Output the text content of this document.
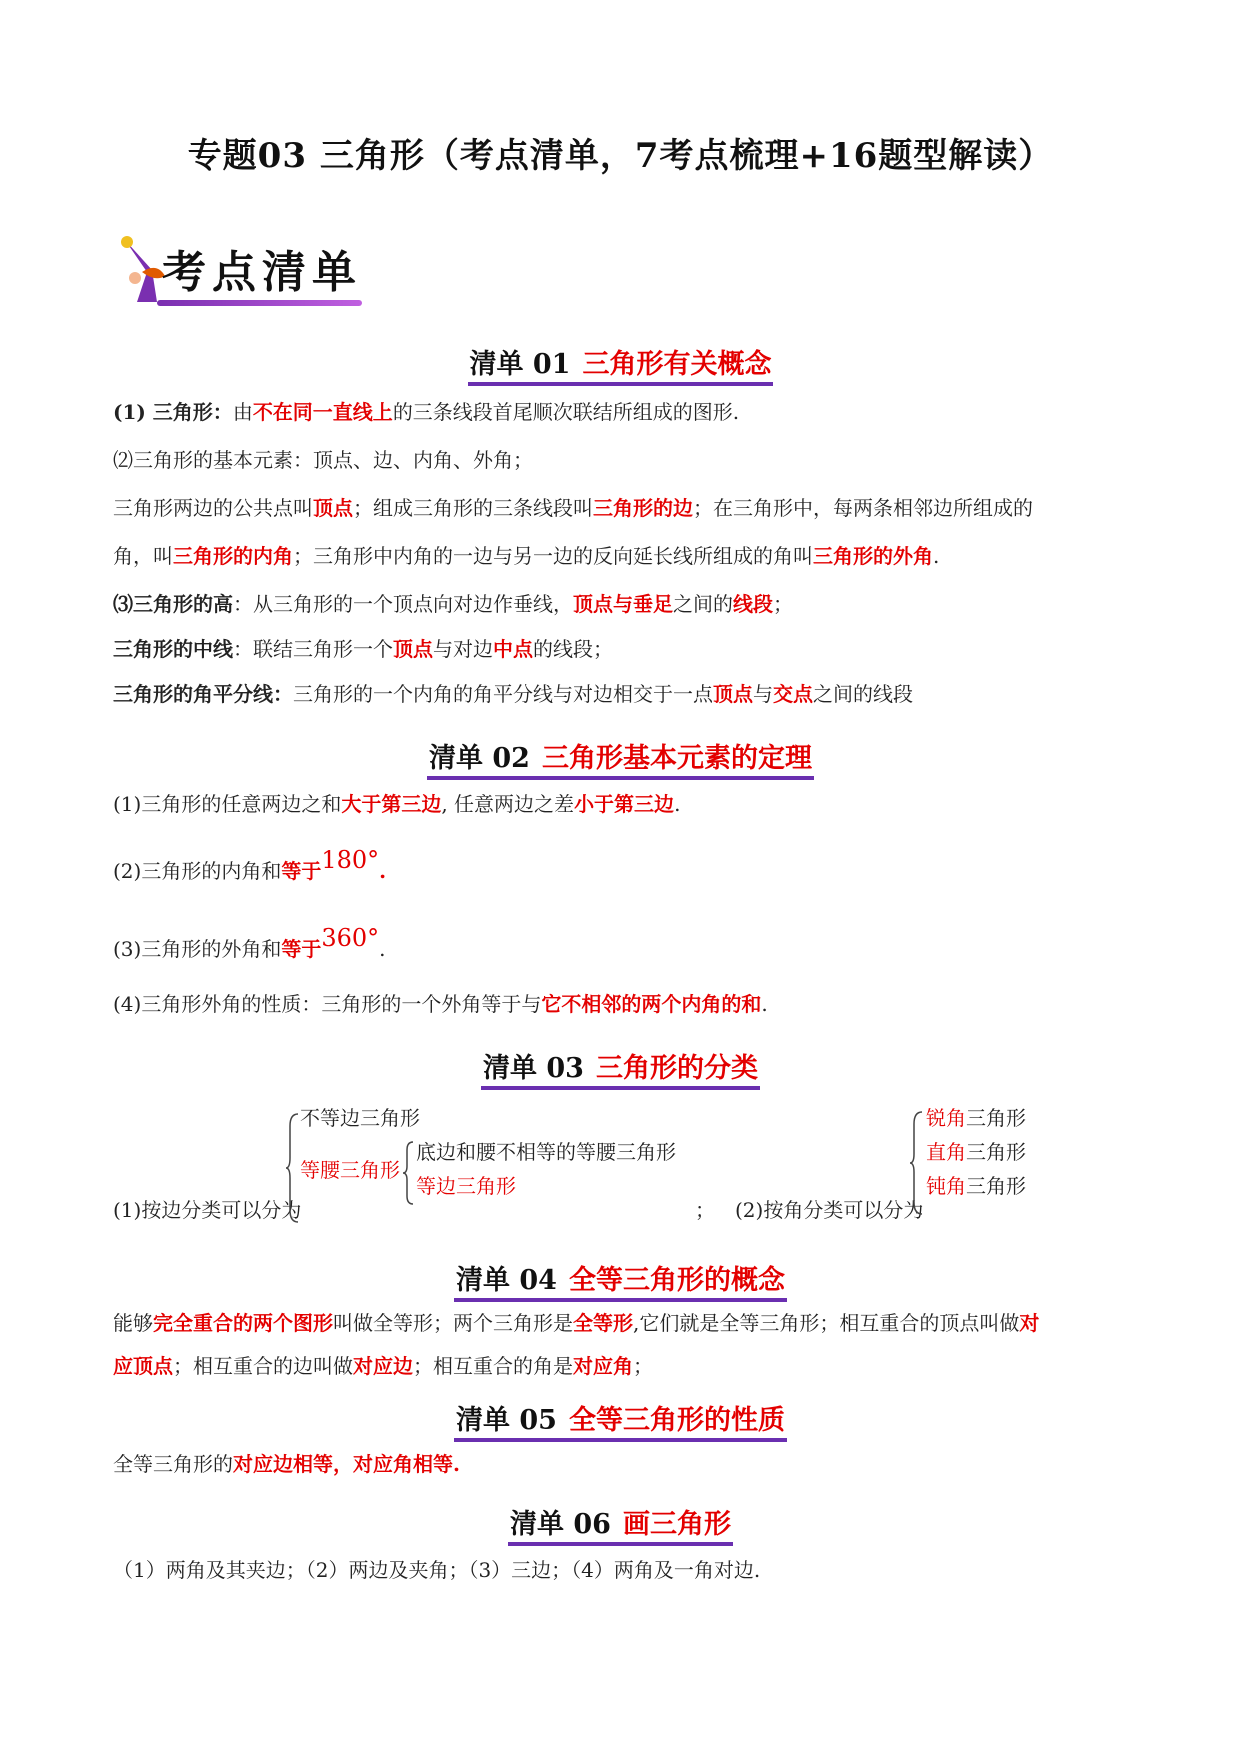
专题03 三角形（考点清单，7考点梳理+16题型解读）
考点清单
清单 01 三角形有关概念
(1) 三角形：由不在同一直线上的三条线段首尾顺次联结所组成的图形.
⑵三角形的基本元素：顶点、边、内角、外角；
三角形两边的公共点叫顶点；组成三角形的三条线段叫三角形的边；在三角形中，每两条相邻边所组成的
角，叫三角形的内角；三角形中内角的一边与另一边的反向延长线所组成的角叫三角形的外角.
⑶三角形的高：从三角形的一个顶点向对边作垂线，顶点与垂足之间的线段；
三角形的中线：联结三角形一个顶点与对边中点的线段；
三角形的角平分线：三角形的一个内角的角平分线与对边相交于一点顶点与交点之间的线段
清单 02 三角形基本元素的定理
(1)三角形的任意两边之和大于第三边, 任意两边之差小于第三边.
(2)三角形的内角和等于180°.
(3)三角形的外角和等于360°.
(4)三角形外角的性质：三角形的一个外角等于与它不相邻的两个内角的和.
清单 03 三角形的分类
(1)按边分类可以分为
不等边三角形
等腰三角形
底边和腰不相等的等腰三角形
等边三角形
； (2)按角分类可以分为
锐角三角形
直角三角形
钝角三角形
清单 04 全等三角形的概念
能够完全重合的两个图形叫做全等形；两个三角形是全等形,它们就是全等三角形；相互重合的顶点叫做对
应顶点；相互重合的边叫做对应边；相互重合的角是对应角；
清单 05 全等三角形的性质
全等三角形的对应边相等，对应角相等.
清单 06 画三角形
（1）两角及其夹边；（2）两边及夹角；（3）三边；（4）两角及一角对边.
